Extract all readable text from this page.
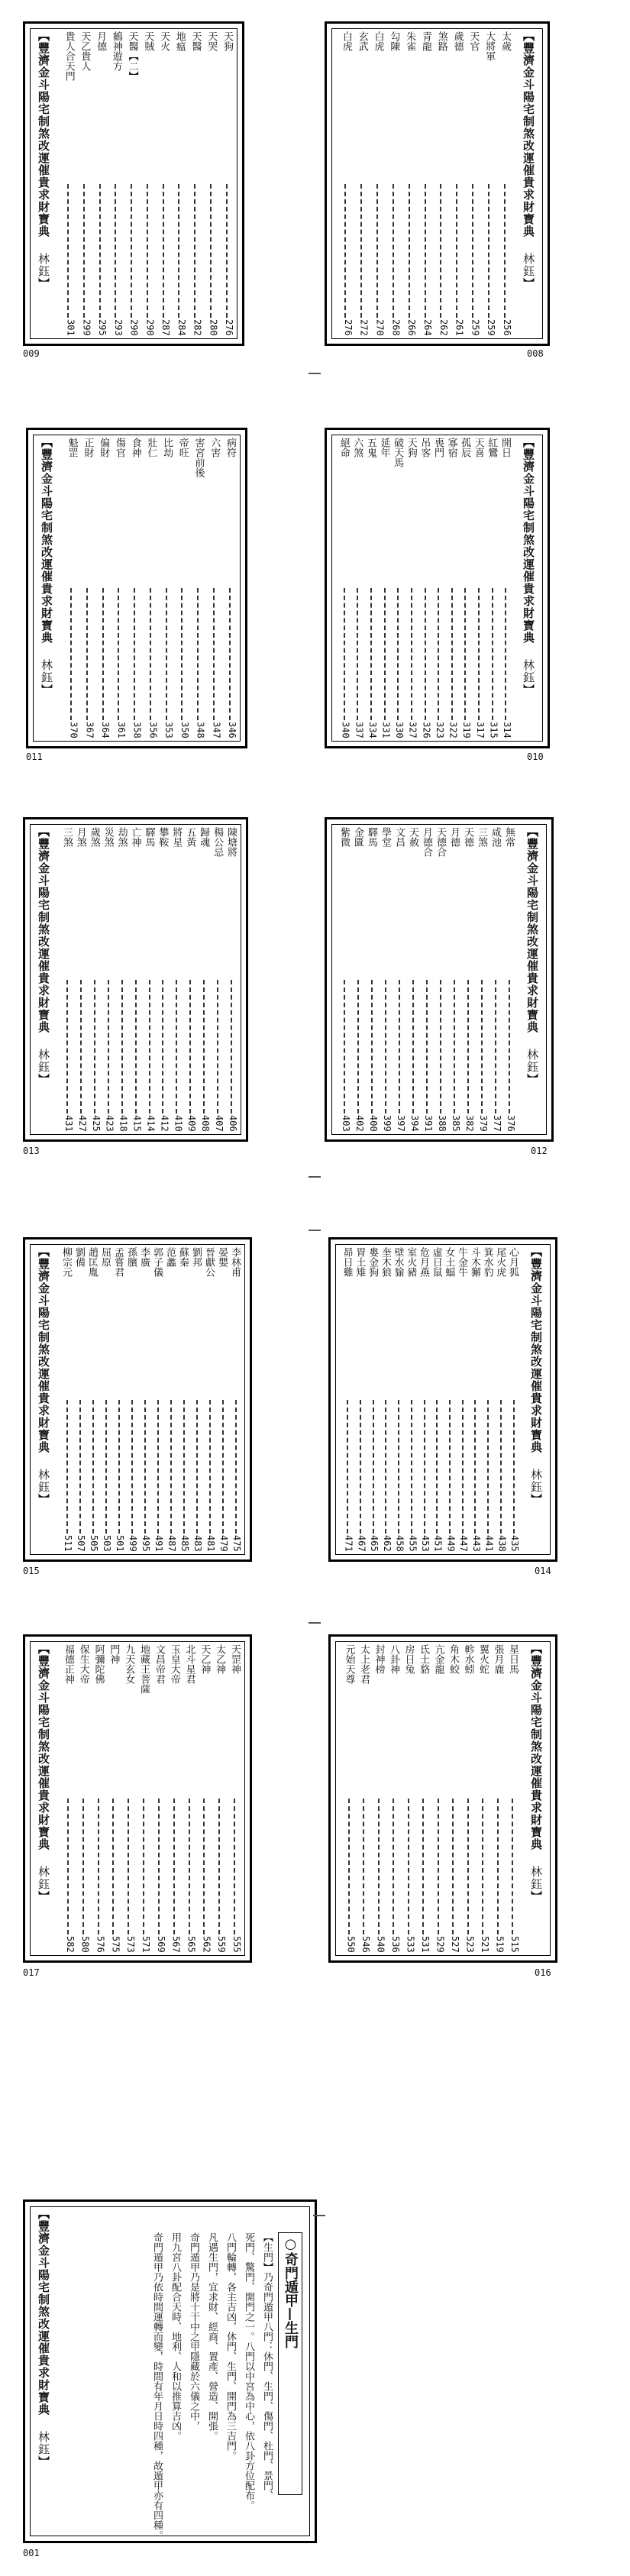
【豐濟金斗陽宅制煞改運催貴求財寶典林鈺】
天狗
276
天哭
280
天醫
282
地瘟
284
天火
287
天賊
290
天醫【二】
290
鶴神遊方
293
月德
295
天乙貴人
299
貴人合天門
301
009
【豐濟金斗陽宅制煞改運催貴求財寶典林鈺】
太歲
256
大將軍
259
天官
259
歲德
261
煞路
262
青龍
264
朱雀
266
勾陳
268
白虎
270
玄武
272
白虎
276
008
【豐濟金斗陽宅制煞改運催貴求財寶典林鈺】
病符
346
六害
347
害宮前後
348
帝旺
350
比劫
353
壯仁
356
食神
358
傷官
361
偏財
364
正財
367
魁罡
370
011
【豐濟金斗陽宅制煞改運催貴求財寶典林鈺】
開日
314
紅鸞
315
天喜
317
孤辰
319
寡宿
322
喪門
323
吊客
326
天狗
327
破天馬
330
延年
331
五鬼
334
六煞
337
絕命
340
010
【豐濟金斗陽宅制煞改運催貴求財寶典林鈺】
陳塘將
406
楊公忌
407
歸魂
408
五黃
409
將星
410
攀鞍
412
驛馬
414
亡神
415
劫煞
418
災煞
423
歲煞
425
月煞
427
三煞
431
013
【豐濟金斗陽宅制煞改運催貴求財寶典林鈺】
無常
376
咸池
377
三煞
379
天德
382
月德
385
天德合
388
月德合
391
天赦
394
文昌
397
學堂
399
驛馬
400
金匱
402
紫微
403
012
【豐濟金斗陽宅制煞改運催貴求財寶典林鈺】
李林甫
475
晏嬰
479
晉獻公
481
劉邦
483
蘇秦
485
范蠡
487
郭子儀
491
李廣
495
孫臏
499
孟嘗君
501
屈原
503
趙匡胤
505
劉備
507
柳宗元
511
015
【豐濟金斗陽宅制煞改運催貴求財寶典林鈺】
心月狐
435
尾火虎
438
箕水豹
441
斗木獬
443
牛金牛
447
女土蝠
449
虛日鼠
451
危月燕
453
室火豬
455
壁水貐
458
奎木狼
462
婁金狗
465
胃土雉
467
昴日雞
471
014
【豐濟金斗陽宅制煞改運催貴求財寶典林鈺】
天罡神
555
太乙神
559
天乙神
562
北斗星君
565
玉皇大帝
567
文昌帝君
569
地藏王菩薩
571
九天玄女
573
門神
575
阿彌陀佛
576
保生大帝
580
福德正神
582
017
【豐濟金斗陽宅制煞改運催貴求財寶典林鈺】
星日馬
515
張月鹿
519
翼火蛇
521
軫水蚓
523
角木蛟
527
亢金龍
529
氐土貉
531
房日兔
533
八卦神
536
封神榜
540
太上老君
546
元始天尊
550
016
【豐濟金斗陽宅制煞改運催貴求財寶典林鈺】
○奇門遁甲—生門
【生門】乃奇門遁甲八門：休門、生門、傷門、杜門、景門、
死門、驚門、開門之一。八門以中宮為中心，依八卦方位配布。
八門輪轉，各主吉凶，休門、生門、開門為三吉門。
凡遇生門，宜求財、經商、置產、營造、開張。
奇門遁甲乃是將十干中之甲隱藏於六儀之中，
用九宮八卦配合天時、地利、人和以推算吉凶。
奇門遁甲乃依時間運轉而變，時間有年月日時四種，故遁甲亦有四種。
001
